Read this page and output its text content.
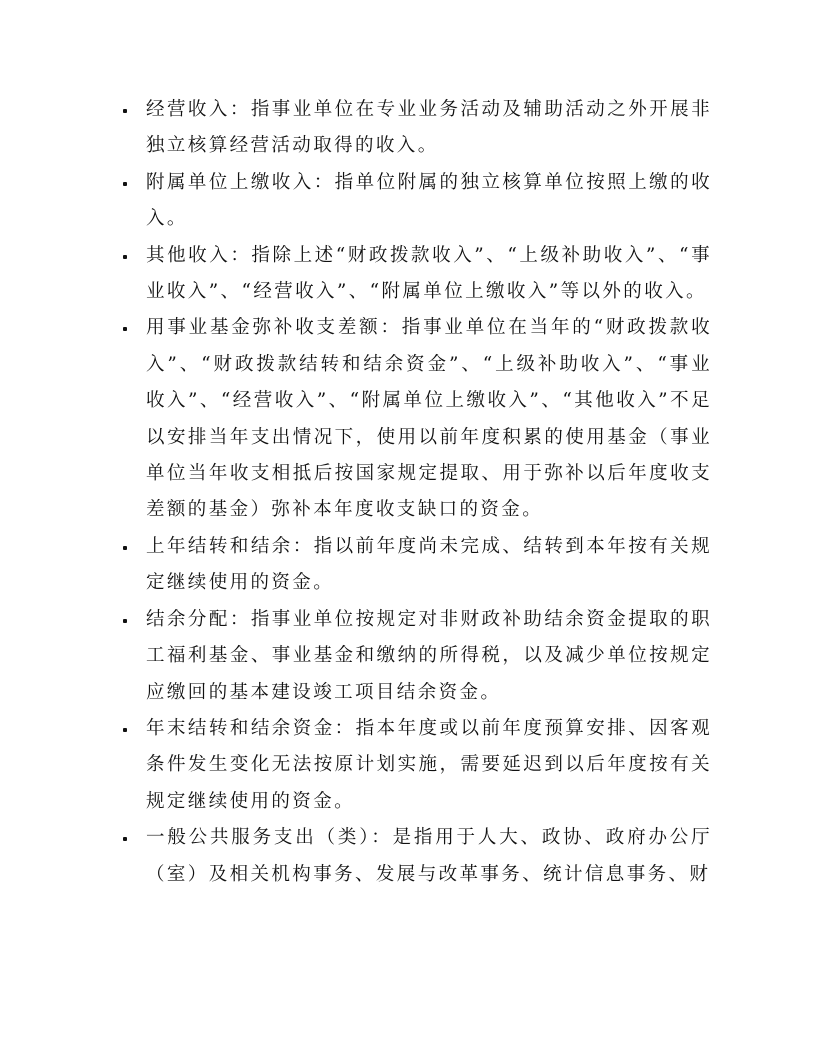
经营收入：指事业单位在专业业务活动及辅助活动之外开展非独立核算经营活动取得的收入。
附属单位上缴收入：指单位附属的独立核算单位按照上缴的收入。
其他收入：指除上述“财政拨款收入”、“上级补助收入”、“事业收入”、“经营收入”、“附属单位上缴收入”等以外的收入。
用事业基金弥补收支差额：指事业单位在当年的“财政拨款收入”、“财政拨款结转和结余资金”、“上级补助收入”、“事业收入”、“经营收入”、“附属单位上缴收入”、“其他收入”不足以安排当年支出情况下，使用以前年度积累的使用基金（事业单位当年收支相抵后按国家规定提取、用于弥补以后年度收支差额的基金）弥补本年度收支缺口的资金。
上年结转和结余：指以前年度尚未完成、结转到本年按有关规定继续使用的资金。
结余分配：指事业单位按规定对非财政补助结余资金提取的职工福利基金、事业基金和缴纳的所得税，以及减少单位按规定应缴回的基本建设竣工项目结余资金。
年末结转和结余资金：指本年度或以前年度预算安排、因客观条件发生变化无法按原计划实施，需要延迟到以后年度按有关规定继续使用的资金。
一般公共服务支出（类）：是指用于人大、政协、政府办公厅（室）及相关机构事务、发展与改革事务、统计信息事务、财
